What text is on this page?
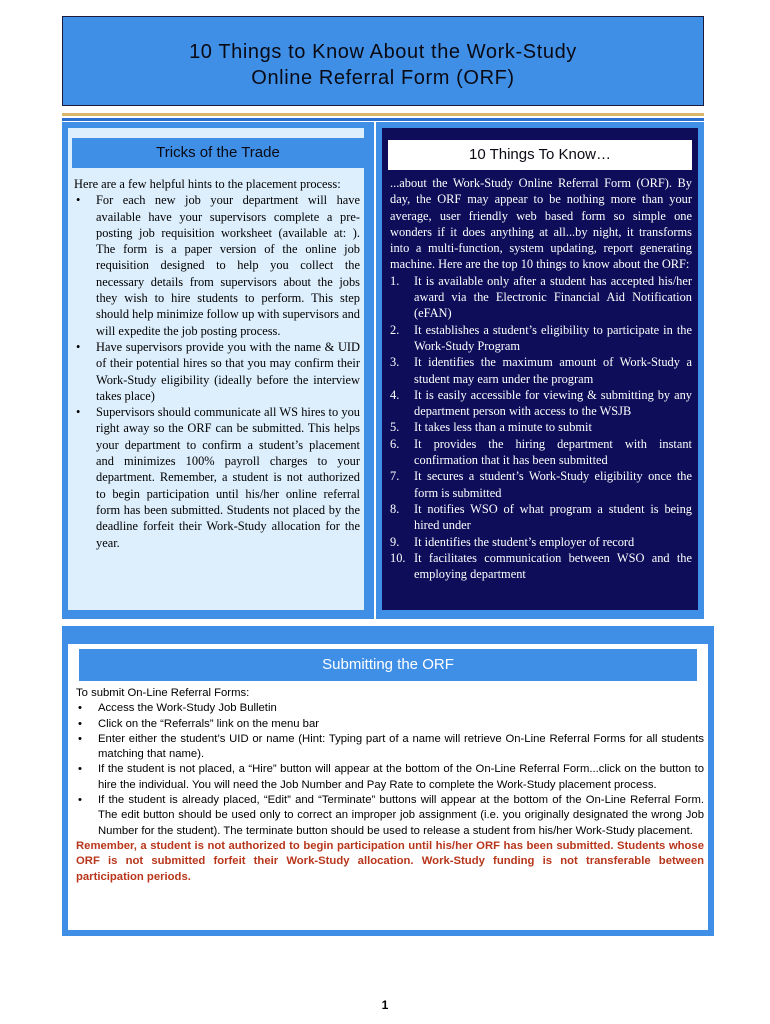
10 Things to Know About the Work-Study
Online Referral Form (ORF)
Tricks of the Trade
Here are a few helpful hints to the placement process:
• For each new job your department will have available have your supervisors complete a pre-posting job requisition worksheet (available at: ). The form is a paper version of the online job requisition designed to help you collect the necessary details from supervisors about the jobs they wish to hire students to perform. This step should help minimize follow up with supervisors and will expedite the job posting process.
• Have supervisors provide you with the name & UID of their potential hires so that you may confirm their Work-Study eligibility (ideally before the interview takes place)
• Supervisors should communicate all WS hires to you right away so the ORF can be submitted. This helps your department to confirm a student’s placement and minimizes 100% payroll charges to your department. Remember, a student is not authorized to begin participation until his/her online referral form has been submitted. Students not placed by the deadline forfeit their Work-Study allocation for the year.
10 Things To Know…
...about the Work-Study Online Referral Form (ORF). By day, the ORF may appear to be nothing more than your average, user friendly web based form so simple one wonders if it does anything at all...by night, it transforms into a multi-function, system updating, report generating machine. Here are the top 10 things to know about the ORF:
1. It is available only after a student has accepted his/her award via the Electronic Financial Aid Notification (eFAN)
2. It establishes a student’s eligibility to participate in the Work-Study Program
3. It identifies the maximum amount of Work-Study a student may earn under the program
4. It is easily accessible for viewing & submitting by any department person with access to the WSJB
5. It takes less than a minute to submit
6. It provides the hiring department with instant confirmation that it has been submitted
7. It secures a student’s Work-Study eligibility once the form is submitted
8. It notifies WSO of what program a student is being hired under
9. It identifies the student’s employer of record
10. It facilitates communication between WSO and the employing department
Submitting the ORF
To submit On-Line Referral Forms:
• Access the Work-Study Job Bulletin
• Click on the “Referrals” link on the menu bar
• Enter either the student’s UID or name (Hint: Typing part of a name will retrieve On-Line Referral Forms for all students matching that name).
• If the student is not placed, a “Hire” button will appear at the bottom of the On-Line Referral Form...click on the button to hire the individual. You will need the Job Number and Pay Rate to complete the Work-Study placement process.
• If the student is already placed, “Edit” and “Terminate” buttons will appear at the bottom of the On-Line Referral Form. The edit button should be used only to correct an improper job assignment (i.e. you originally designated the wrong Job Number for the student). The terminate button should be used to release a student from his/her Work-Study placement.
Remember, a student is not authorized to begin participation until his/her ORF has been submitted. Students whose ORF is not submitted forfeit their Work-Study allocation. Work-Study funding is not transferable between participation periods.
1
